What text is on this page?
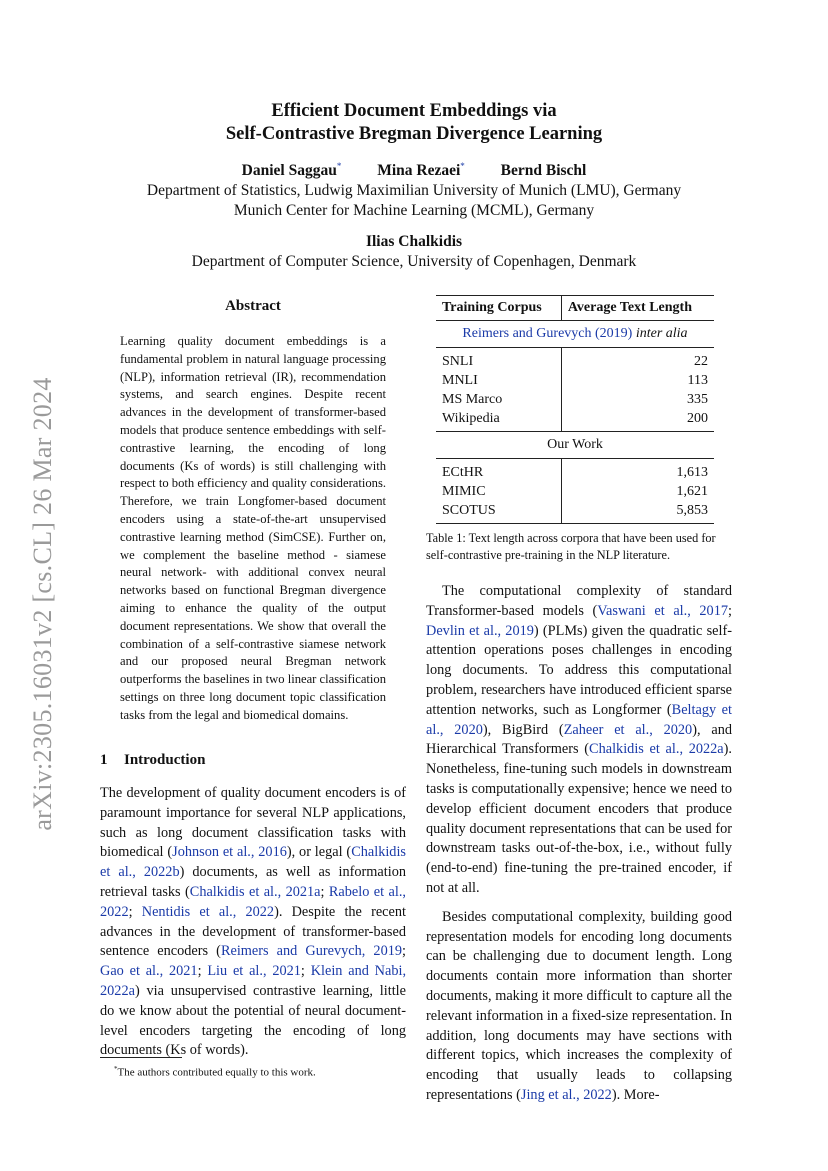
arXiv:2305.16031v2 [cs.CL] 26 Mar 2024
Efficient Document Embeddings via
Self-Contrastive Bregman Divergence Learning
Daniel Saggau* Mina Rezaei* Bernd Bischl
Department of Statistics, Ludwig Maximilian University of Munich (LMU), Germany
Munich Center for Machine Learning (MCML), Germany
Ilias Chalkidis
Department of Computer Science, University of Copenhagen, Denmark
Abstract
Learning quality document embeddings is a fundamental problem in natural language processing (NLP), information retrieval (IR), recommendation systems, and search engines. Despite recent advances in the development of transformer-based models that produce sentence embeddings with self-contrastive learning, the encoding of long documents (Ks of words) is still challenging with respect to both efficiency and quality considerations. Therefore, we train Longfomer-based document encoders using a state-of-the-art unsupervised contrastive learning method (SimCSE). Further on, we complement the baseline method - siamese neural network- with additional convex neural networks based on functional Bregman divergence aiming to enhance the quality of the output document representations. We show that overall the combination of a self-contrastive siamese network and our proposed neural Bregman network outperforms the baselines in two linear classification settings on three long document topic classification tasks from the legal and biomedical domains.
1 Introduction

The development of quality document encoders is of paramount importance for several NLP applications, such as long document classification tasks with biomedical (Johnson et al., 2016), or legal (Chalkidis et al., 2022b) documents, as well as information retrieval tasks (Chalkidis et al., 2021a; Rabelo et al., 2022; Nentidis et al., 2022). Despite the recent advances in the development of transformer-based sentence encoders (Reimers and Gurevych, 2019; Gao et al., 2021; Liu et al., 2021; Klein and Nabi, 2022a) via unsupervised contrastive learning, little do we know about the potential of neural document-level encoders targeting the encoding of long documents (Ks of words).

*The authors contributed equally to this work.
Training Corpus	Average Text Length
Reimers and Gurevych (2019) inter alia	
SNLI	22
MNLI	113
MS Marco	335
Wikipedia	200
Our Work	
ECtHR	1,613
MIMIC	1,621
SCOTUS	5,853
Table 1: Text length across corpora that have been used for self-contrastive pre-training in the NLP literature.

The computational complexity of standard Transformer-based models (Vaswani et al., 2017; Devlin et al., 2019) (PLMs) given the quadratic self-attention operations poses challenges in encoding long documents. To address this computational problem, researchers have introduced efficient sparse attention networks, such as Longformer (Beltagy et al., 2020), BigBird (Zaheer et al., 2020), and Hierarchical Transformers (Chalkidis et al., 2022a). Nonetheless, fine-tuning such models in downstream tasks is computationally expensive; hence we need to develop efficient document encoders that produce quality document representations that can be used for downstream tasks out-of-the-box, i.e., without fully (end-to-end) fine-tuning the pre-trained encoder, if not at all.

Besides computational complexity, building good representation models for encoding long documents can be challenging due to document length. Long documents contain more information than shorter documents, making it more difficult to capture all the relevant information in a fixed-size representation. In addition, long documents may have sections with different topics, which increases the complexity of encoding that usually leads to collapsing representations (Jing et al., 2022). More-
